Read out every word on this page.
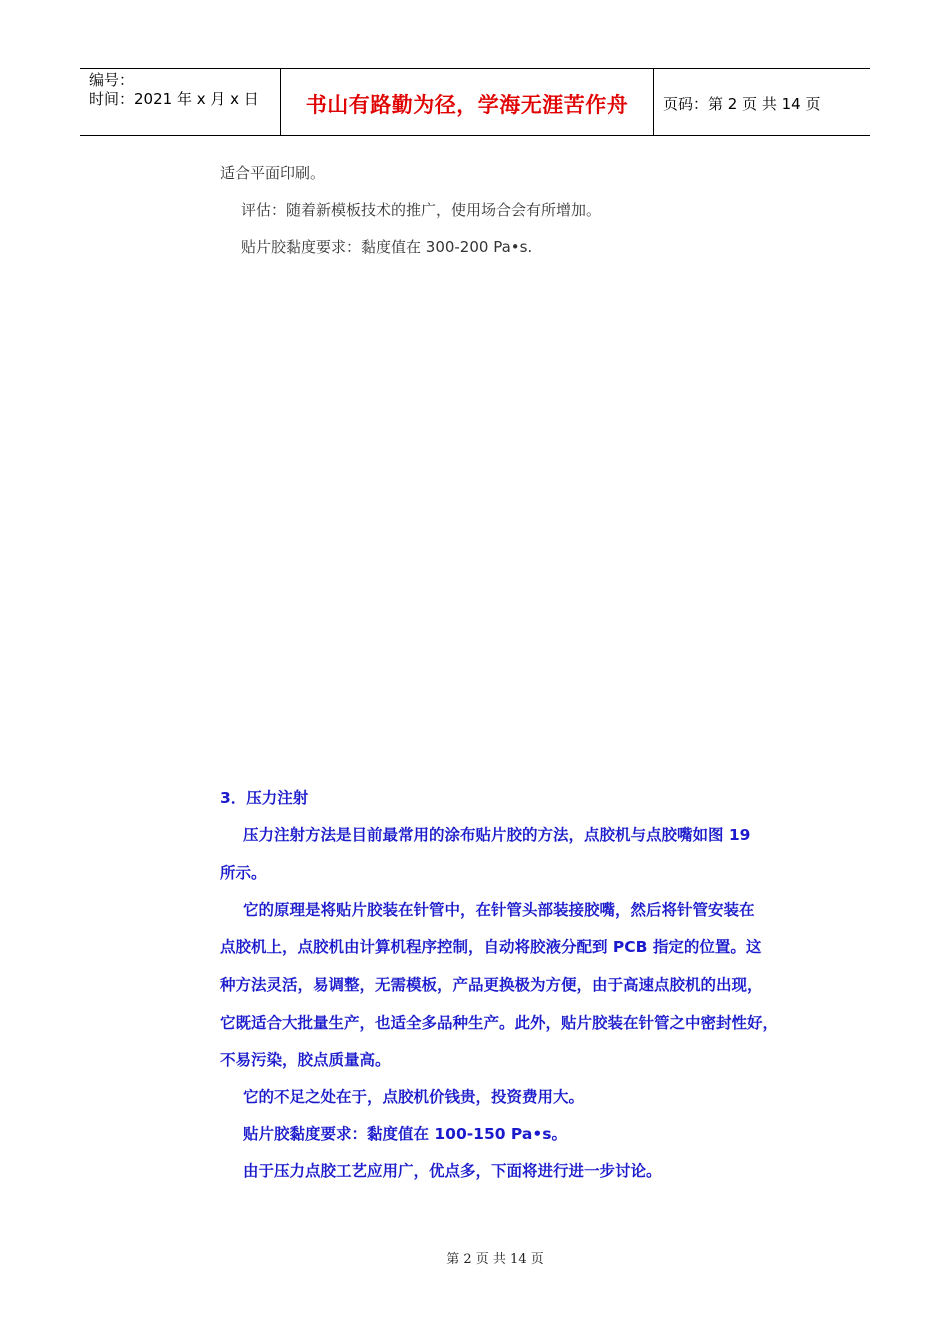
编号：
时间：2021 年 x 月 x 日	书山有路勤为径，学海无涯苦作舟	页码：第 2 页 共 14 页
适合平面印刷。
评估：随着新模板技术的推广，使用场合会有所增加。
贴片胶黏度要求：黏度值在 300-200 Pa•s.
3．压力注射
压力注射方法是目前最常用的涂布贴片胶的方法，点胶机与点胶嘴如图 19
所示。
它的原理是将贴片胶装在针管中，在针管头部装接胶嘴，然后将针管安装在
点胶机上，点胶机由计算机程序控制，自动将胶液分配到 PCB 指定的位置。这
种方法灵活，易调整，无需模板，产品更换极为方便，由于高速点胶机的出现，
它既适合大批量生产，也适全多品种生产。此外，贴片胶装在针管之中密封性好，
不易污染，胶点质量高。
它的不足之处在于，点胶机价钱贵，投资费用大。
贴片胶黏度要求：黏度值在 100-150 Pa•s。
由于压力点胶工艺应用广，优点多，下面将进行进一步讨论。
第 2 页 共 14 页
